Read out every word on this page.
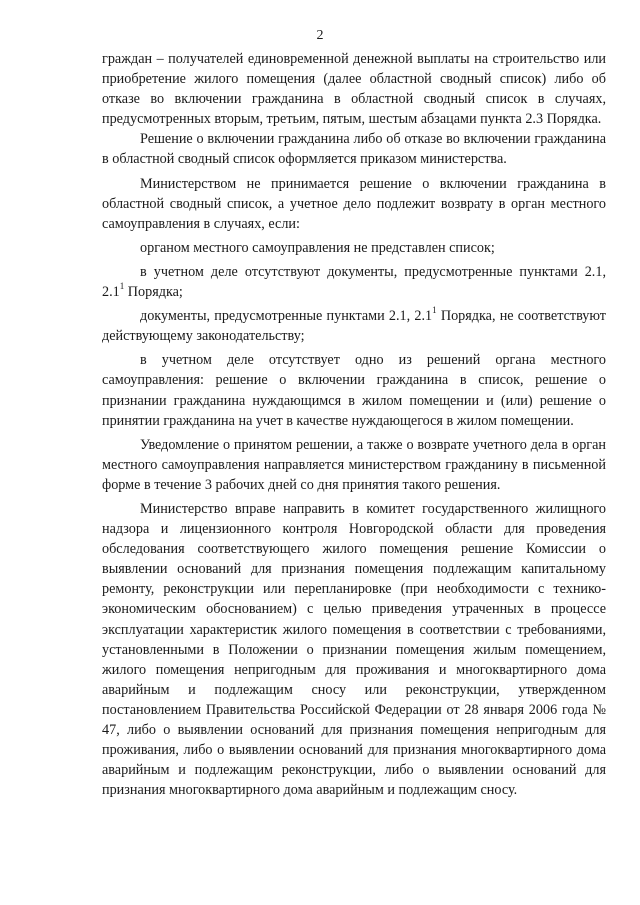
2

граждан – получателей единовременной денежной выплаты на строительство или приобретение жилого помещения (далее областной сводный список) либо об отказе во включении гражданина в областной сводный список в случаях, предусмотренных вторым, третьим, пятым, шестым абзацами пункта 2.3 Порядка.

Решение о включении гражданина либо об отказе во включении гражданина в областной сводный список оформляется приказом министерства.

Министерством не принимается решение о включении гражданина в областной сводный список, а учетное дело подлежит возврату в орган местного самоуправления в случаях, если:

органом местного самоуправления не представлен список;

в учетном деле отсутствуют документы, предусмотренные пунктами 2.1, $2.1^1$ Порядка;

документы, предусмотренные пунктами 2.1, $2.1^1$ Порядка, не соответствуют действующему законодательству;

в учетном деле отсутствует одно из решений органа местного самоуправления: решение о включении гражданина в список, решение о признании гражданина нуждающимся в жилом помещении и (или) решение о принятии гражданина на учет в качестве нуждающегося в жилом помещении.

Уведомление о принятом решении, а также о возврате учетного дела в орган местного самоуправления направляется министерством гражданину в письменной форме в течение 3 рабочих дней со дня принятия такого решения.

Министерство вправе направить в комитет государственного жилищного надзора и лицензионного контроля Новгородской области для проведения обследования соответствующего жилого помещения решение Комиссии о выявлении оснований для признания помещения подлежащим капитальному ремонту, реконструкции или перепланировке (при необходимости с технико-экономическим обоснованием) с целью приведения утраченных в процессе эксплуатации характеристик жилого помещения в соответствии с требованиями, установленными в Положении о признании помещения жилым помещением, жилого помещения непригодным для проживания и многоквартирного дома аварийным и подлежащим сносу или реконструкции, утвержденном постановлением Правительства Российской Федерации от 28 января 2006 года № 47, либо о выявлении оснований для признания помещения непригодным для проживания, либо о выявлении оснований для признания многоквартирного дома аварийным и подлежащим реконструкции, либо о выявлении оснований для признания многоквартирного дома аварийным и подлежащим сносу.
